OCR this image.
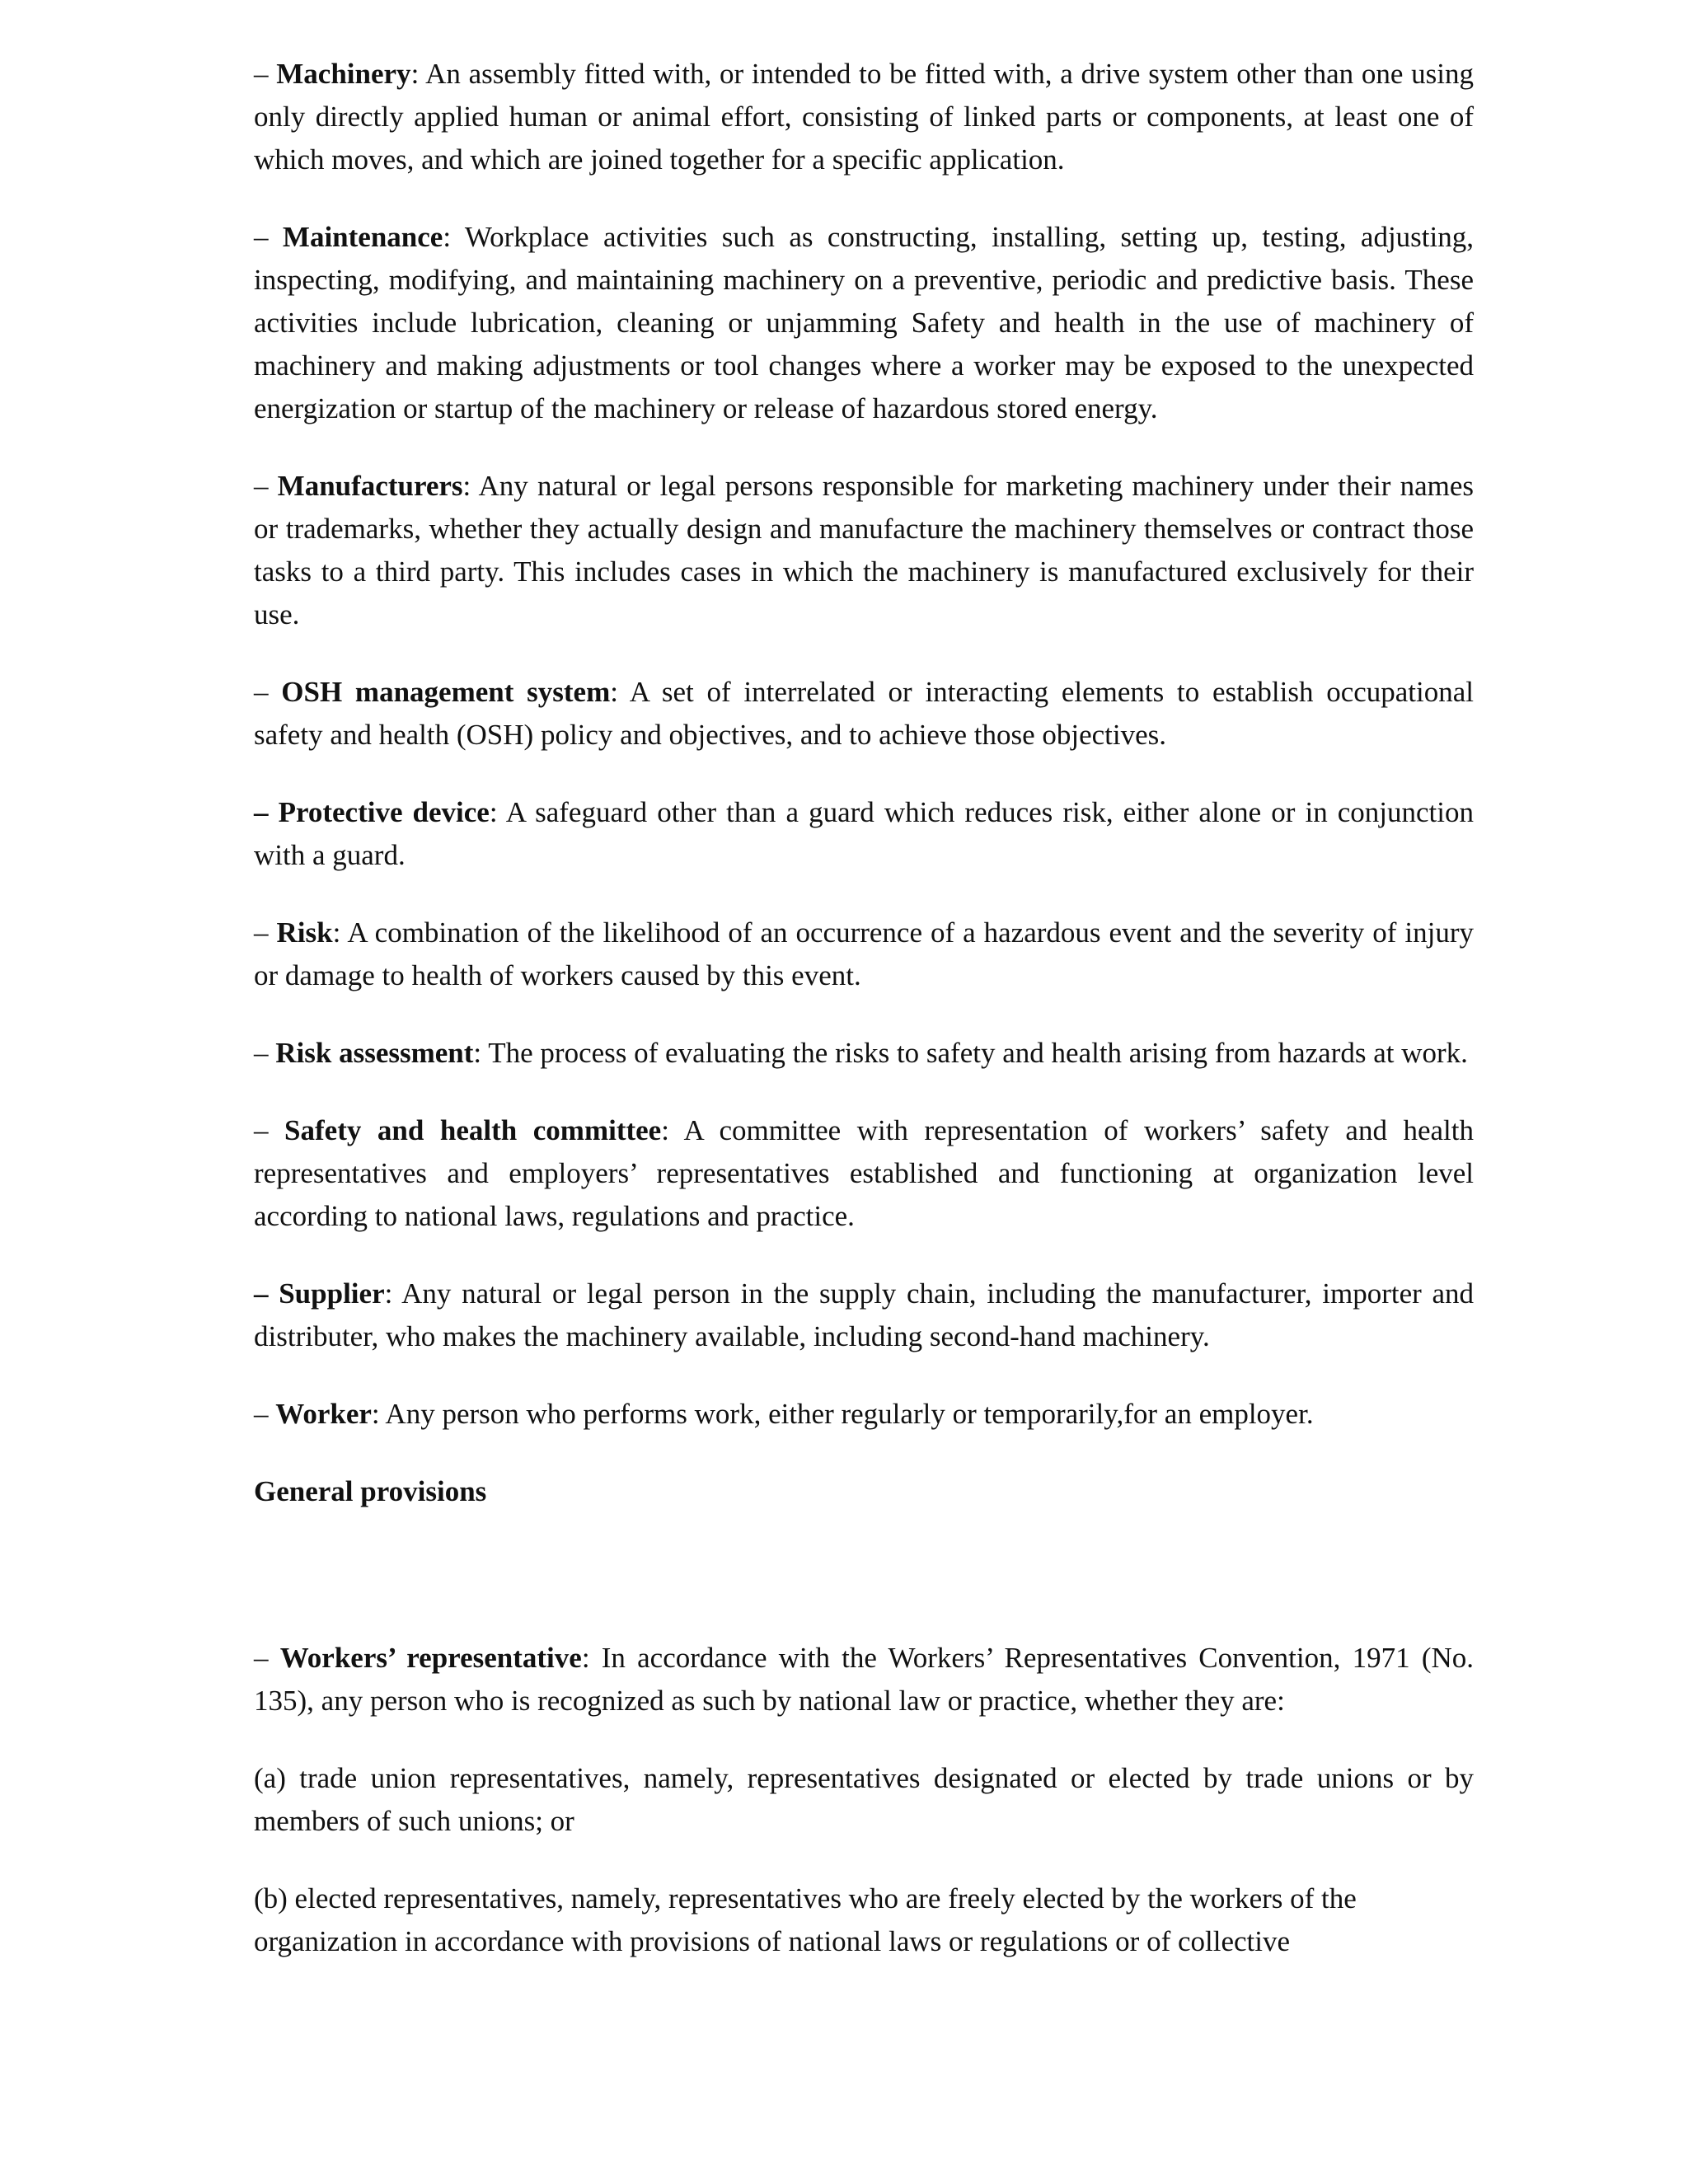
– Machinery: An assembly fitted with, or intended to be fitted with, a drive system other than one using only directly applied human or animal effort, consisting of linked parts or components, at least one of which moves, and which are joined together for a specific application.

– Maintenance: Workplace activities such as constructing, installing, setting up, testing, adjusting, inspecting, modifying, and maintaining machinery on a preventive, periodic and predictive basis. These activities include lubrication, cleaning or unjamming Safety and health in the use of machinery of machinery and making adjustments or tool changes where a worker may be exposed to the unexpected energization or startup of the machinery or release of hazardous stored energy.

– Manufacturers: Any natural or legal persons responsible for marketing machinery under their names or trademarks, whether they actually design and manufacture the machinery themselves or contract those tasks to a third party. This includes cases in which the machinery is manufactured exclusively for their use.

– OSH management system: A set of interrelated or interacting elements to establish occupational safety and health (OSH) policy and objectives, and to achieve those objectives.

– Protective device: A safeguard other than a guard which reduces risk, either alone or in conjunction with a guard.

– Risk: A combination of the likelihood of an occurrence of a hazardous event and the severity of injury or damage to health of workers caused by this event.

– Risk assessment: The process of evaluating the risks to safety and health arising from hazards at work.

– Safety and health committee: A committee with representation of workers’ safety and health representatives and employers’ representatives established and functioning at organization level according to national laws, regulations and practice.

– Supplier: Any natural or legal person in the supply chain, including the manufacturer, importer and distributer, who makes the machinery available, including second-hand machinery.

– Worker: Any person who performs work, either regularly or temporarily,for an employer.

General provisions

– Workers’ representative: In accordance with the Workers’ Representatives Convention, 1971 (No. 135), any person who is recognized as such by national law or practice, whether they are:

(a) trade union representatives, namely, representatives designated or elected by trade unions or by members of such unions; or

(b) elected representatives, namely, representatives who are freely elected by the workers of the organization in accordance with provisions of national laws or regulations or of collective
